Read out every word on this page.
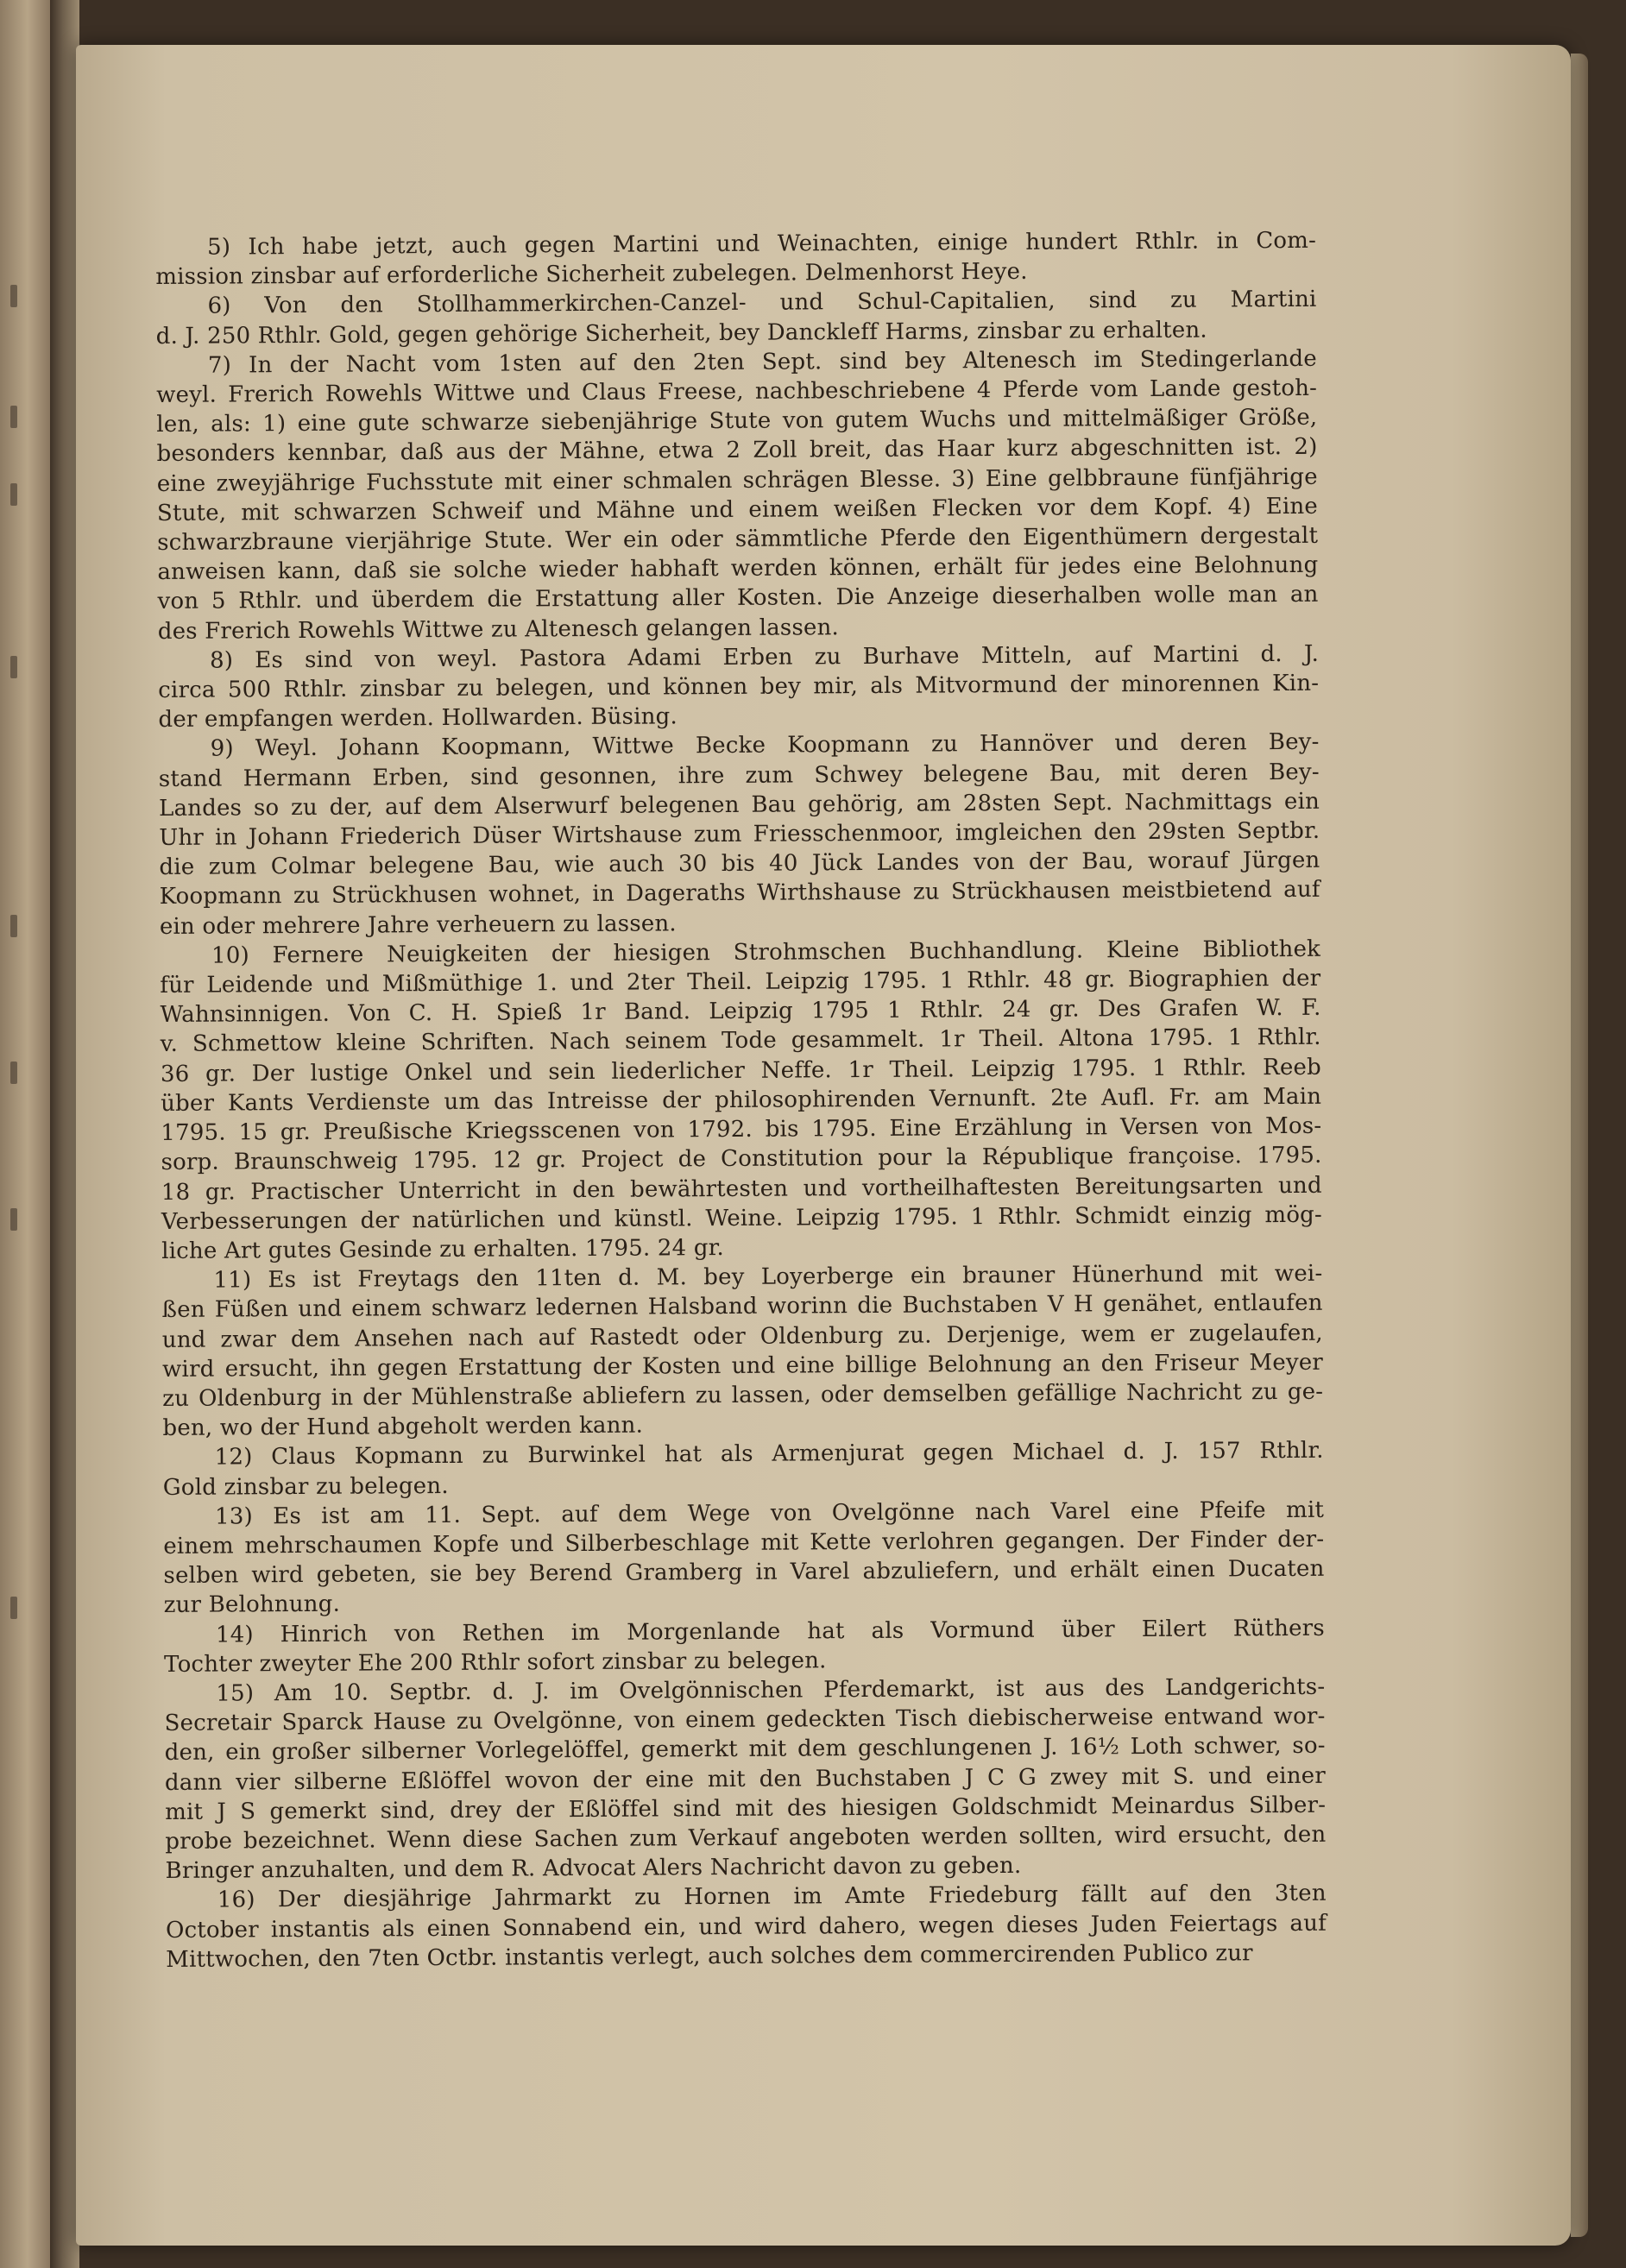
5) Ich habe jetzt, auch gegen Martini und Weinachten, einige hundert Rthlr. in Com-
mission zinsbar auf erforderliche Sicherheit zubelegen. Delmenhorst Heye.
6) Von den Stollhammerkirchen-Canzel- und Schul-Capitalien, sind zu Martini
d. J. 250 Rthlr. Gold, gegen gehörige Sicherheit, bey Danckleff Harms, zinsbar zu erhalten.
7) In der Nacht vom 1sten auf den 2ten Sept. sind bey Altenesch im Stedingerlande
weyl. Frerich Rowehls Wittwe und Claus Freese, nachbeschriebene 4 Pferde vom Lande gestoh-
len, als: 1) eine gute schwarze siebenjährige Stute von gutem Wuchs und mittelmäßiger Größe,
besonders kennbar, daß aus der Mähne, etwa 2 Zoll breit, das Haar kurz abgeschnitten ist. 2)
eine zweyjährige Fuchsstute mit einer schmalen schrägen Blesse. 3) Eine gelbbraune fünfjährige
Stute, mit schwarzen Schweif und Mähne und einem weißen Flecken vor dem Kopf. 4) Eine
schwarzbraune vierjährige Stute. Wer ein oder sämmtliche Pferde den Eigenthümern dergestalt
anweisen kann, daß sie solche wieder habhaft werden können, erhält für jedes eine Belohnung
von 5 Rthlr. und überdem die Erstattung aller Kosten. Die Anzeige dieserhalben wolle man an
des Frerich Rowehls Wittwe zu Altenesch gelangen lassen.
8) Es sind von weyl. Pastora Adami Erben zu Burhave Mitteln, auf Martini d. J.
circa 500 Rthlr. zinsbar zu belegen, und können bey mir, als Mitvormund der minorennen Kin-
der empfangen werden. Hollwarden. Büsing.
9) Weyl. Johann Koopmann, Wittwe Becke Koopmann zu Hannöver und deren Bey-
stand Hermann Erben, sind gesonnen, ihre zum Schwey belegene Bau, mit deren Bey-
Landes so zu der, auf dem Alserwurf belegenen Bau gehörig, am 28sten Sept. Nachmittags ein
Uhr in Johann Friederich Düser Wirtshause zum Friesschenmoor, imgleichen den 29sten Septbr.
die zum Colmar belegene Bau, wie auch 30 bis 40 Jück Landes von der Bau, worauf Jürgen
Koopmann zu Strückhusen wohnet, in Dageraths Wirthshause zu Strückhausen meistbietend auf
ein oder mehrere Jahre verheuern zu lassen.
10) Fernere Neuigkeiten der hiesigen Strohmschen Buchhandlung. Kleine Bibliothek
für Leidende und Mißmüthige 1. und 2ter Theil. Leipzig 1795. 1 Rthlr. 48 gr. Biographien der
Wahnsinnigen. Von C. H. Spieß 1r Band. Leipzig 1795 1 Rthlr. 24 gr. Des Grafen W. F.
v. Schmettow kleine Schriften. Nach seinem Tode gesammelt. 1r Theil. Altona 1795. 1 Rthlr.
36 gr. Der lustige Onkel und sein liederlicher Neffe. 1r Theil. Leipzig 1795. 1 Rthlr. Reeb
über Kants Verdienste um das Intreisse der philosophirenden Vernunft. 2te Aufl. Fr. am Main
1795. 15 gr. Preußische Kriegsscenen von 1792. bis 1795. Eine Erzählung in Versen von Mos-
sorp. Braunschweig 1795. 12 gr. Project de Constitution pour la République françoise. 1795.
18 gr. Practischer Unterricht in den bewährtesten und vortheilhaftesten Bereitungsarten und
Verbesserungen der natürlichen und künstl. Weine. Leipzig 1795. 1 Rthlr. Schmidt einzig mög-
liche Art gutes Gesinde zu erhalten. 1795. 24 gr.
11) Es ist Freytags den 11ten d. M. bey Loyerberge ein brauner Hünerhund mit wei-
ßen Füßen und einem schwarz ledernen Halsband worinn die Buchstaben V H genähet, entlaufen
und zwar dem Ansehen nach auf Rastedt oder Oldenburg zu. Derjenige, wem er zugelaufen,
wird ersucht, ihn gegen Erstattung der Kosten und eine billige Belohnung an den Friseur Meyer
zu Oldenburg in der Mühlenstraße abliefern zu lassen, oder demselben gefällige Nachricht zu ge-
ben, wo der Hund abgeholt werden kann.
12) Claus Kopmann zu Burwinkel hat als Armenjurat gegen Michael d. J. 157 Rthlr.
Gold zinsbar zu belegen.
13) Es ist am 11. Sept. auf dem Wege von Ovelgönne nach Varel eine Pfeife mit
einem mehrschaumen Kopfe und Silberbeschlage mit Kette verlohren gegangen. Der Finder der-
selben wird gebeten, sie bey Berend Gramberg in Varel abzuliefern, und erhält einen Ducaten
zur Belohnung.
14) Hinrich von Rethen im Morgenlande hat als Vormund über Eilert Rüthers
Tochter zweyter Ehe 200 Rthlr sofort zinsbar zu belegen.
15) Am 10. Septbr. d. J. im Ovelgönnischen Pferdemarkt, ist aus des Landgerichts-
Secretair Sparck Hause zu Ovelgönne, von einem gedeckten Tisch diebischerweise entwand wor-
den, ein großer silberner Vorlegelöffel, gemerkt mit dem geschlungenen J. 16½ Loth schwer, so-
dann vier silberne Eßlöffel wovon der eine mit den Buchstaben J C G zwey mit S. und einer
mit J S gemerkt sind, drey der Eßlöffel sind mit des hiesigen Goldschmidt Meinardus Silber-
probe bezeichnet. Wenn diese Sachen zum Verkauf angeboten werden sollten, wird ersucht, den
Bringer anzuhalten, und dem R. Advocat Alers Nachricht davon zu geben.
16) Der diesjährige Jahrmarkt zu Hornen im Amte Friedeburg fällt auf den 3ten
October instantis als einen Sonnabend ein, und wird dahero, wegen dieses Juden Feiertags auf
Mittwochen, den 7ten Octbr. instantis verlegt, auch solches dem commercirenden Publico zur
